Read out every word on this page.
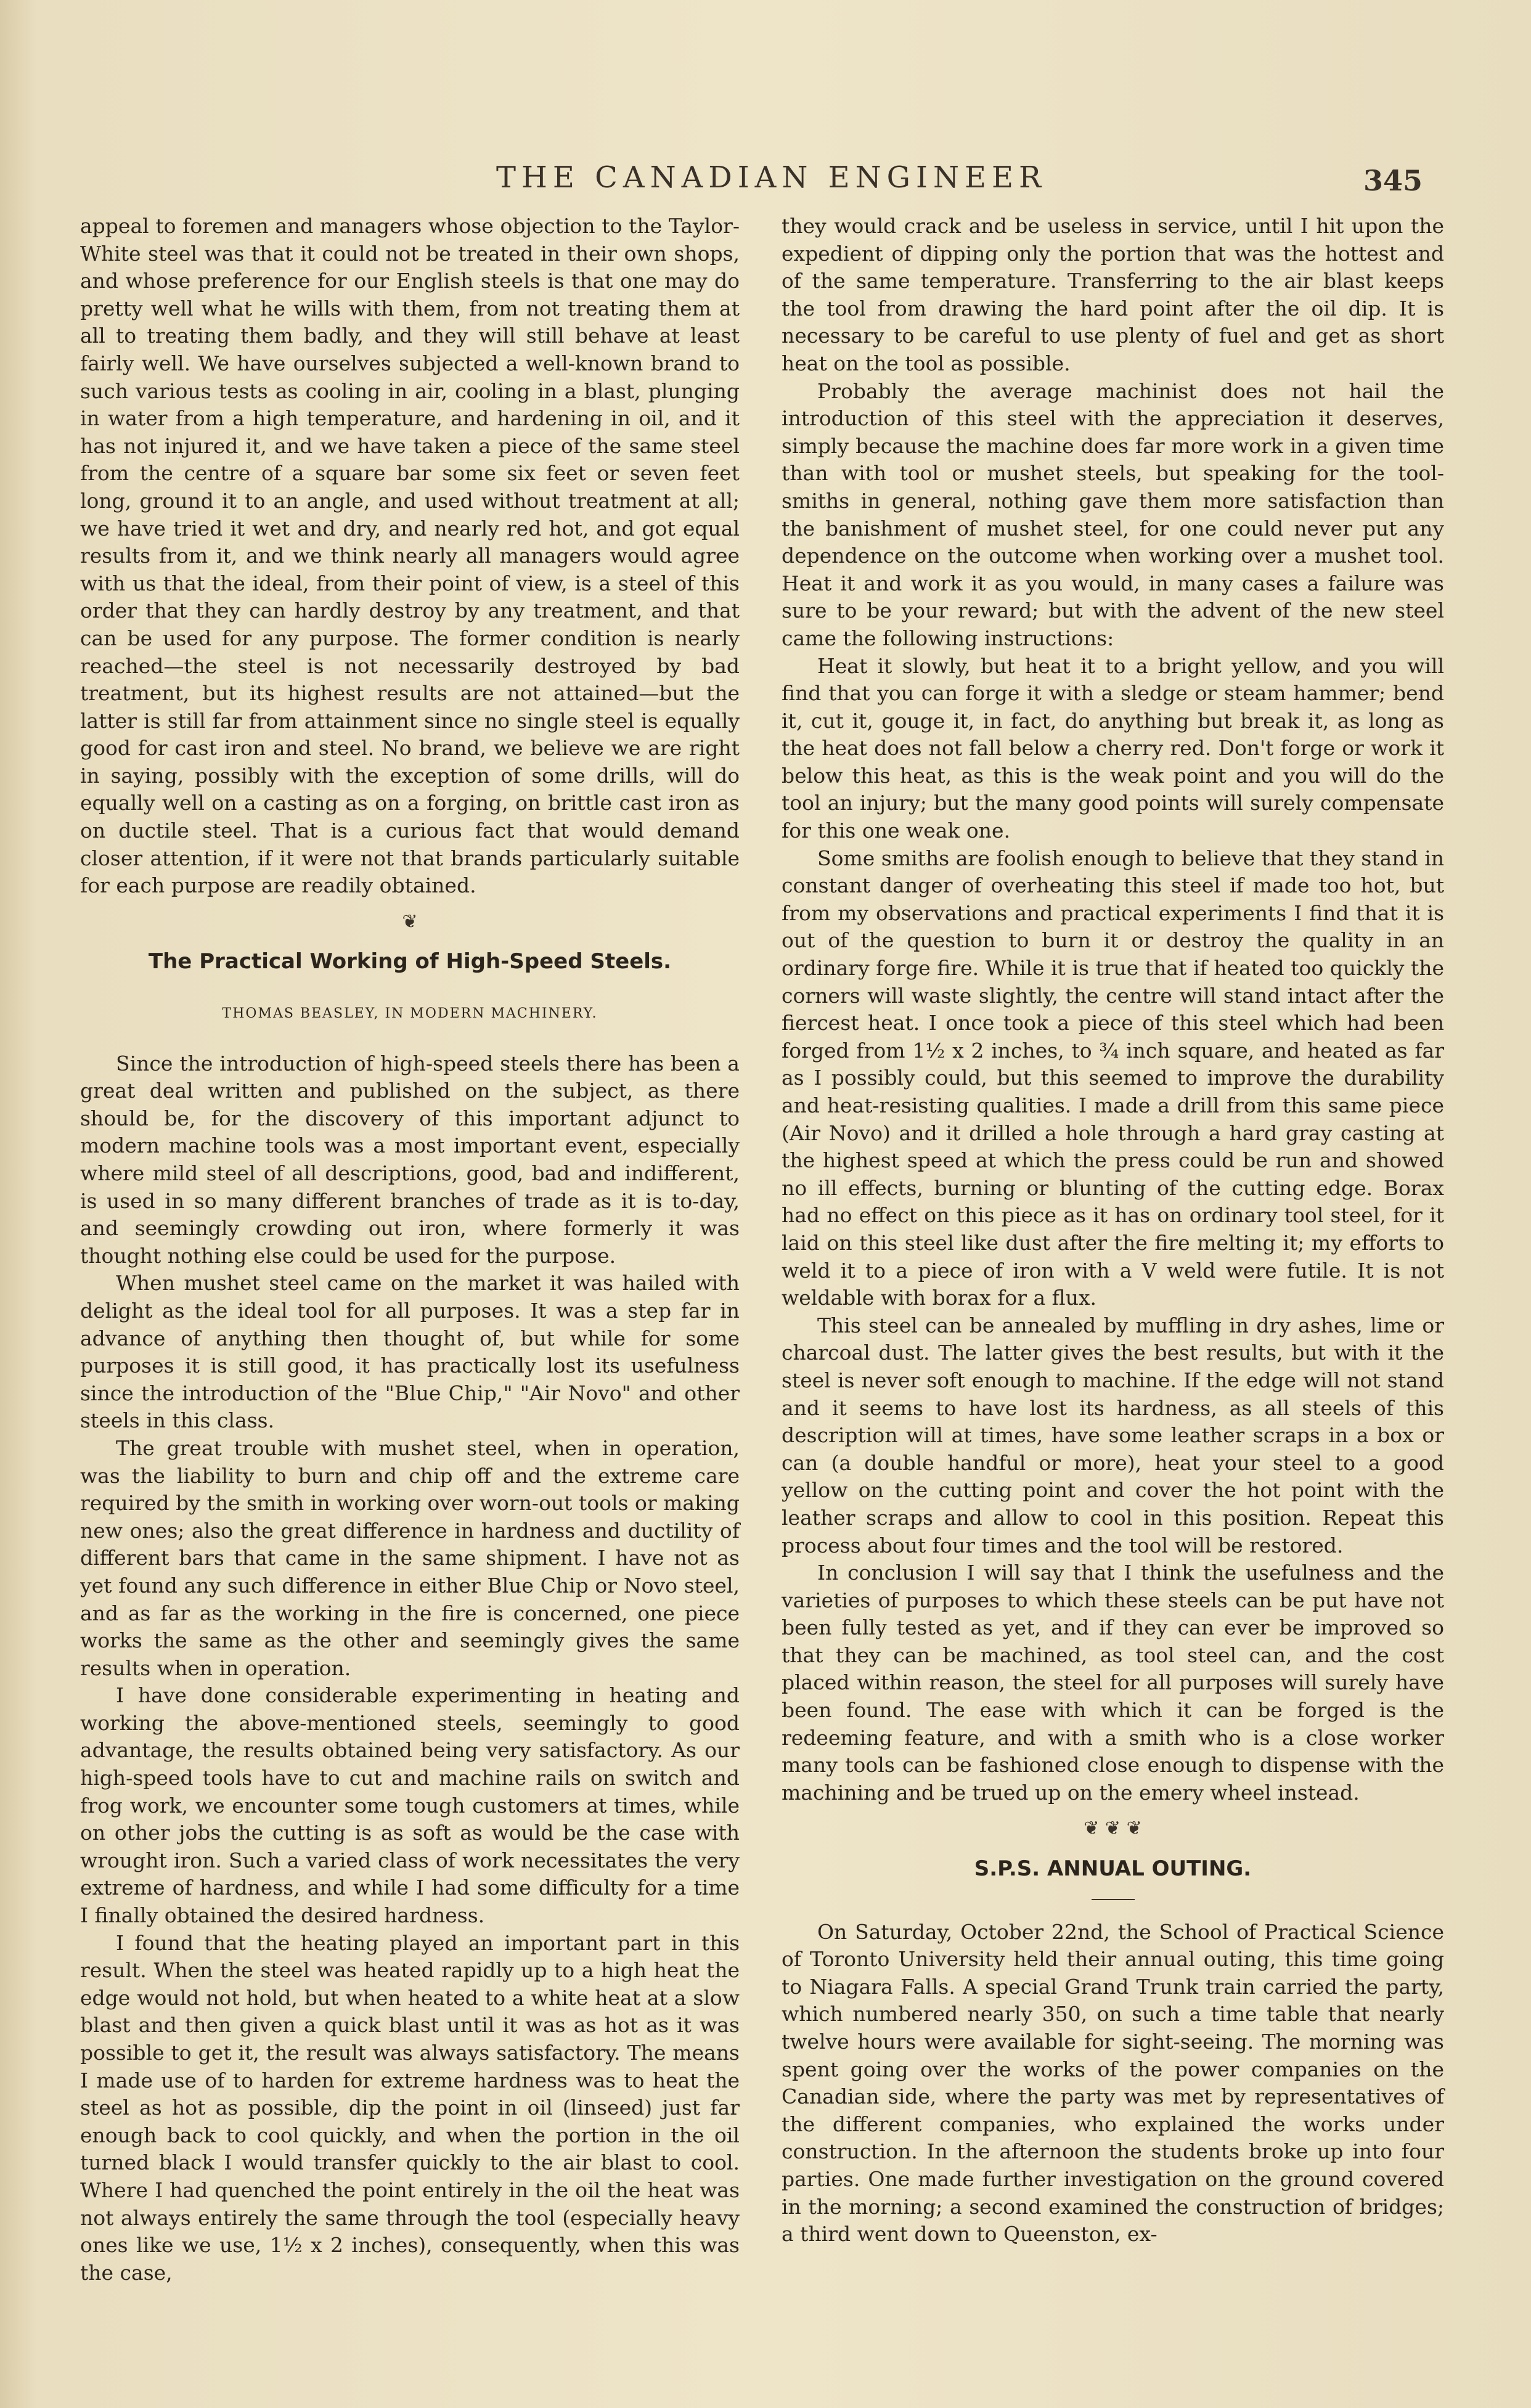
THE CANADIAN ENGINEER	345

appeal to foremen and managers whose objection to the Taylor-White steel was that it could not be treated in their own shops, and whose preference for our English steels is that one may do pretty well what he wills with them, from not treating them at all to treating them badly, and they will still behave at least fairly well. We have ourselves subjected a well-known brand to such various tests as cooling in air, cooling in a blast, plunging in water from a high temperature, and hardening in oil, and it has not injured it, and we have taken a piece of the same steel from the centre of a square bar some six feet or seven feet long, ground it to an angle, and used without treatment at all; we have tried it wet and dry, and nearly red hot, and got equal results from it, and we think nearly all managers would agree with us that the ideal, from their point of view, is a steel of this order that they can hardly destroy by any treatment, and that can be used for any purpose. The former condition is nearly reached—the steel is not necessarily destroyed by bad treatment, but its highest results are not attained—but the latter is still far from attainment since no single steel is equally good for cast iron and steel. No brand, we believe we are right in saying, possibly with the exception of some drills, will do equally well on a casting as on a forging, on brittle cast iron as on ductile steel. That is a curious fact that would demand closer attention, if it were not that brands particularly suitable for each purpose are readily obtained.

❦
The Practical Working of High-Speed Steels.
THOMAS BEASLEY, IN MODERN MACHINERY.

Since the introduction of high-speed steels there has been a great deal written and published on the subject, as there should be, for the discovery of this important adjunct to modern machine tools was a most important event, especially where mild steel of all descriptions, good, bad and indifferent, is used in so many different branches of trade as it is to-day, and seemingly crowding out iron, where formerly it was thought nothing else could be used for the purpose.

When mushet steel came on the market it was hailed with delight as the ideal tool for all purposes. It was a step far in advance of anything then thought of, but while for some purposes it is still good, it has practically lost its usefulness since the introduction of the "Blue Chip," "Air Novo" and other steels in this class.

The great trouble with mushet steel, when in operation, was the liability to burn and chip off and the extreme care required by the smith in working over worn-out tools or making new ones; also the great difference in hardness and ductility of different bars that came in the same shipment. I have not as yet found any such difference in either Blue Chip or Novo steel, and as far as the working in the fire is concerned, one piece works the same as the other and seemingly gives the same results when in operation.

I have done considerable experimenting in heating and working the above-mentioned steels, seemingly to good advantage, the results obtained being very satisfactory. As our high-speed tools have to cut and machine rails on switch and frog work, we encounter some tough customers at times, while on other jobs the cutting is as soft as would be the case with wrought iron. Such a varied class of work necessitates the very extreme of hardness, and while I had some difficulty for a time I finally obtained the desired hardness.

I found that the heating played an important part in this result. When the steel was heated rapidly up to a high heat the edge would not hold, but when heated to a white heat at a slow blast and then given a quick blast until it was as hot as it was possible to get it, the result was always satisfactory. The means I made use of to harden for extreme hardness was to heat the steel as hot as possible, dip the point in oil (linseed) just far enough back to cool quickly, and when the portion in the oil turned black I would transfer quickly to the air blast to cool. Where I had quenched the point entirely in the oil the heat was not always entirely the same through the tool (especially heavy ones like we use, 1½ x 2 inches), consequently, when this was the case,

they would crack and be useless in service, until I hit upon the expedient of dipping only the portion that was the hottest and of the same temperature. Transferring to the air blast keeps the tool from drawing the hard point after the oil dip. It is necessary to be careful to use plenty of fuel and get as short heat on the tool as possible.

Probably the average machinist does not hail the introduction of this steel with the appreciation it deserves, simply because the machine does far more work in a given time than with tool or mushet steels, but speaking for the tool-smiths in general, nothing gave them more satisfaction than the banishment of mushet steel, for one could never put any dependence on the outcome when working over a mushet tool. Heat it and work it as you would, in many cases a failure was sure to be your reward; but with the advent of the new steel came the following instructions:

Heat it slowly, but heat it to a bright yellow, and you will find that you can forge it with a sledge or steam hammer; bend it, cut it, gouge it, in fact, do anything but break it, as long as the heat does not fall below a cherry red. Don't forge or work it below this heat, as this is the weak point and you will do the tool an injury; but the many good points will surely compensate for this one weak one.

Some smiths are foolish enough to believe that they stand in constant danger of overheating this steel if made too hot, but from my observations and practical experiments I find that it is out of the question to burn it or destroy the quality in an ordinary forge fire. While it is true that if heated too quickly the corners will waste slightly, the centre will stand intact after the fiercest heat. I once took a piece of this steel which had been forged from 1½ x 2 inches, to ¾ inch square, and heated as far as I possibly could, but this seemed to improve the durability and heat-resisting qualities. I made a drill from this same piece (Air Novo) and it drilled a hole through a hard gray casting at the highest speed at which the press could be run and showed no ill effects, burning or blunting of the cutting edge. Borax had no effect on this piece as it has on ordinary tool steel, for it laid on this steel like dust after the fire melting it; my efforts to weld it to a piece of iron with a V weld were futile. It is not weldable with borax for a flux.

This steel can be annealed by muffling in dry ashes, lime or charcoal dust. The latter gives the best results, but with it the steel is never soft enough to machine. If the edge will not stand and it seems to have lost its hardness, as all steels of this description will at times, have some leather scraps in a box or can (a double handful or more), heat your steel to a good yellow on the cutting point and cover the hot point with the leather scraps and allow to cool in this position. Repeat this process about four times and the tool will be restored.

In conclusion I will say that I think the usefulness and the varieties of purposes to which these steels can be put have not been fully tested as yet, and if they can ever be improved so that they can be machined, as tool steel can, and the cost placed within reason, the steel for all purposes will surely have been found. The ease with which it can be forged is the redeeming feature, and with a smith who is a close worker many tools can be fashioned close enough to dispense with the machining and be trued up on the emery wheel instead.

❦ ❦ ❦
S.P.S. ANNUAL OUTING.

On Saturday, October 22nd, the School of Practical Science of Toronto University held their annual outing, this time going to Niagara Falls. A special Grand Trunk train carried the party, which numbered nearly 350, on such a time table that nearly twelve hours were available for sight-seeing. The morning was spent going over the works of the power companies on the Canadian side, where the party was met by representatives of the different companies, who explained the works under construction. In the afternoon the students broke up into four parties. One made further investigation on the ground covered in the morning; a second examined the construction of bridges; a third went down to Queenston, ex-
